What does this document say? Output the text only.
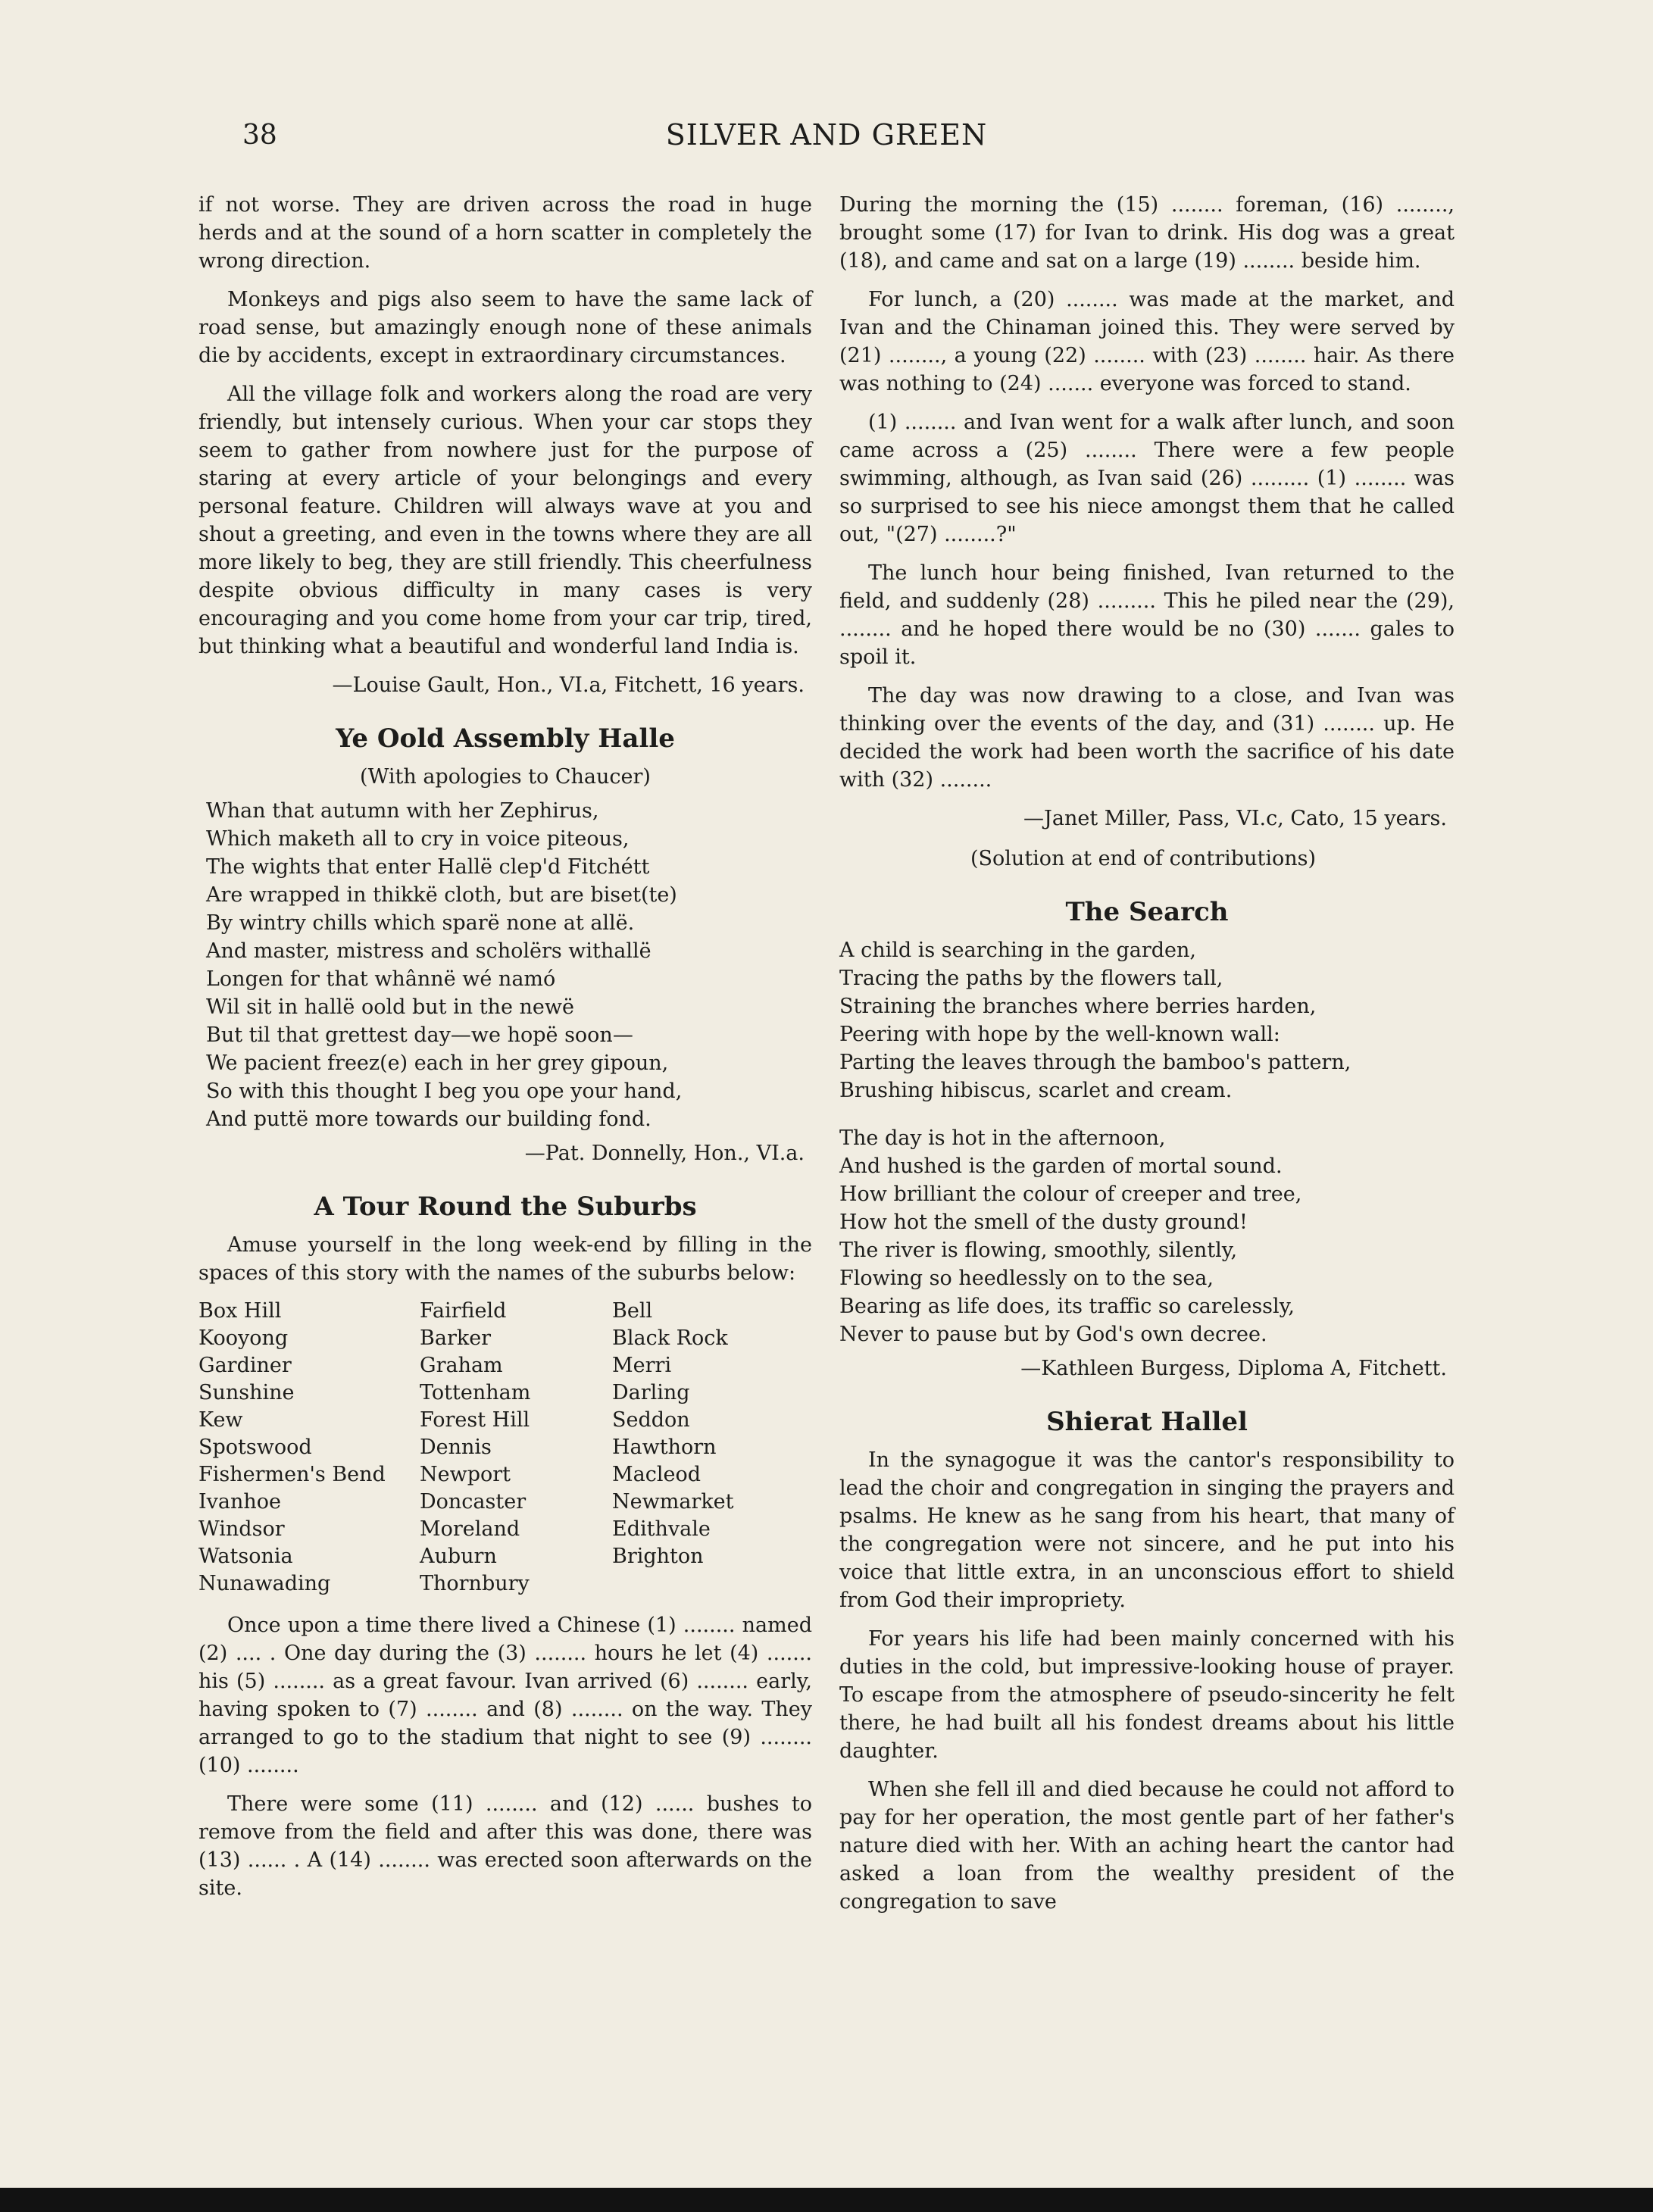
38	SILVER AND GREEN

if not worse. They are driven across the road in huge herds and at the sound of a horn scatter in completely the wrong direction.

Monkeys and pigs also seem to have the same lack of road sense, but amazingly enough none of these animals die by accidents, except in extraordinary circumstances.

All the village folk and workers along the road are very friendly, but intensely curious. When your car stops they seem to gather from nowhere just for the purpose of staring at every article of your belongings and every personal feature. Children will always wave at you and shout a greeting, and even in the towns where they are all more likely to beg, they are still friendly. This cheerfulness despite obvious difficulty in many cases is very encouraging and you come home from your car trip, tired, but thinking what a beautiful and wonderful land India is.

—Louise Gault, Hon., VI.a, Fitchett, 16 years.
Ye Oold Assembly Halle
(With apologies to Chaucer)
Whan that autumn with her Zephirus,
Which maketh all to cry in voice piteous,
The wights that enter Hallë clep'd Fitchétt
Are wrapped in thikkë cloth, but are biset(te)
By wintry chills which sparë none at allë.
And master, mistress and scholërs withallë
Longen for that whânnë wé namó
Wil sit in hallë oold but in the newë
But til that grettest day—we hopë soon—
We pacient freez(e) each in her grey gipoun,
So with this thought I beg you ope your hand,
And puttë more towards our building fond.
—Pat. Donnelly, Hon., VI.a.
A Tour Round the Suburbs

Amuse yourself in the long week-end by filling in the spaces of this story with the names of the suburbs below:

Box Hill
Kooyong
Gardiner
Sunshine
Kew
Spotswood
Fishermen's Bend
Ivanhoe
Windsor
Watsonia
Nunawading
Fairfield
Barker
Graham
Tottenham
Forest Hill
Dennis
Newport
Doncaster
Moreland
Auburn
Thornbury
Bell
Black Rock
Merri
Darling
Seddon
Hawthorn
Macleod
Newmarket
Edithvale
Brighton

Once upon a time there lived a Chinese (1) ........ named (2) .... . One day during the (3) ........ hours he let (4) ....... his (5) ........ as a great favour. Ivan arrived (6) ........ early, having spoken to (7) ........ and (8) ........ on the way. They arranged to go to the stadium that night to see (9) ........ (10) ........

There were some (11) ........ and (12) ...... bushes to remove from the field and after this was done, there was (13) ...... . A (14) ........ was erected soon afterwards on the site.

During the morning the (15) ........ foreman, (16) ........, brought some (17) for Ivan to drink. His dog was a great (18), and came and sat on a large (19) ........ beside him.

For lunch, a (20) ........ was made at the market, and Ivan and the Chinaman joined this. They were served by (21) ........, a young (22) ........ with (23) ........ hair. As there was nothing to (24) ....... everyone was forced to stand.

(1) ........ and Ivan went for a walk after lunch, and soon came across a (25) ........ There were a few people swimming, although, as Ivan said (26) ......... (1) ........ was so surprised to see his niece amongst them that he called out, "(27) ........?"

The lunch hour being finished, Ivan returned to the field, and suddenly (28) ......... This he piled near the (29), ........ and he hoped there would be no (30) ....... gales to spoil it.

The day was now drawing to a close, and Ivan was thinking over the events of the day, and (31) ........ up. He decided the work had been worth the sacrifice of his date with (32) ........

—Janet Miller, Pass, VI.c, Cato, 15 years.
(Solution at end of contributions)
The Search
A child is searching in the garden,
Tracing the paths by the flowers tall,
Straining the branches where berries harden,
Peering with hope by the well-known wall:
Parting the leaves through the bamboo's pattern,
Brushing hibiscus, scarlet and cream.
The day is hot in the afternoon,
And hushed is the garden of mortal sound.
How brilliant the colour of creeper and tree,
How hot the smell of the dusty ground!
The river is flowing, smoothly, silently,
Flowing so heedlessly on to the sea,
Bearing as life does, its traffic so carelessly,
Never to pause but by God's own decree.
—Kathleen Burgess, Diploma A, Fitchett.
Shierat Hallel

In the synagogue it was the cantor's responsibility to lead the choir and congregation in singing the prayers and psalms. He knew as he sang from his heart, that many of the congregation were not sincere, and he put into his voice that little extra, in an unconscious effort to shield from God their impropriety.

For years his life had been mainly concerned with his duties in the cold, but impressive-looking house of prayer. To escape from the atmosphere of pseudo-sincerity he felt there, he had built all his fondest dreams about his little daughter.

When she fell ill and died because he could not afford to pay for her operation, the most gentle part of her father's nature died with her. With an aching heart the cantor had asked a loan from the wealthy president of the congregation to save
